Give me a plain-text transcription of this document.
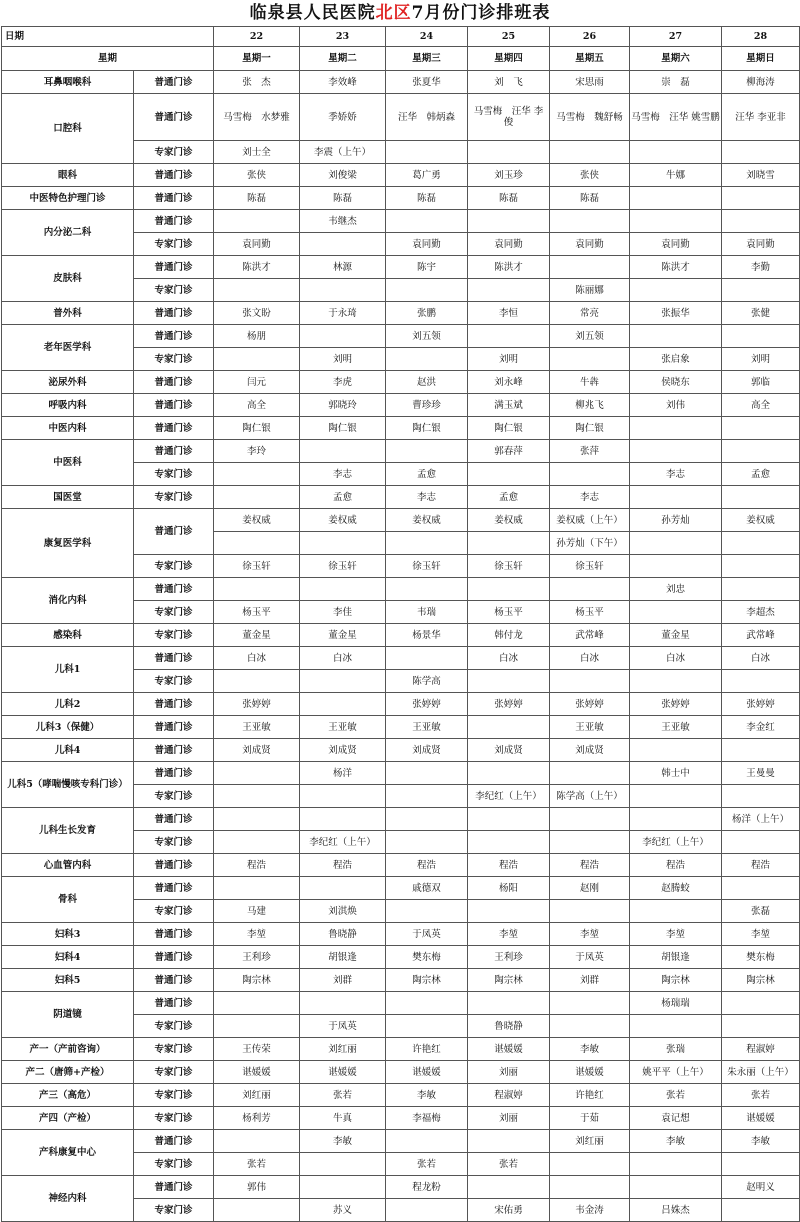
临泉县人民医院北区7月份门诊排班表
日期		22	23	24	25	26	27	28
星期		星期一	星期二	星期三	星期四	星期五	星期六	星期日
耳鼻咽喉科	普通门诊	张　杰	李效峰	张夏华	刘　飞	宋思雨	崇　磊	柳海涛
口腔科	普通门诊	马雪梅　水梦雅	季娇娇	汪华　韩炳森	马雪梅　汪华 李俊	马雪梅　魏舒畅	马雪梅　汪华 姚雪鹏	汪华 李亚非
	专家门诊	刘士全	李震（上午）					
眼科	普通门诊	张侠	刘俊梁	葛广勇	刘玉珍	张侠	牛娜	刘晓雪
中医特色护理门诊	普通门诊	陈磊	陈磊	陈磊	陈磊	陈磊		
内分泌二科	普通门诊		韦继杰					
	专家门诊	袁同勤		袁同勤	袁同勤	袁同勤	袁同勤	袁同勤
皮肤科	普通门诊	陈洪才	林源	陈宇	陈洪才		陈洪才	李勤
	专家门诊					陈丽娜		
普外科	普通门诊	张文盼	于永琦	张鹏	李恒	常亮	张振华	张健
老年医学科	普通门诊	杨朋		刘五领		刘五领		
	专家门诊		刘明		刘明		张启象	刘明
泌尿外科	普通门诊	闫元	李虎	赵洪	刘永峰	牛犇	侯晓东	郭临
呼吸内科	普通门诊	高全	郭晓玲	曹珍珍	满玉斌	柳兆飞	刘伟	高全
中医内科	普通门诊	陶仁银	陶仁银	陶仁银	陶仁银	陶仁银		
中医科	普通门诊	李玲			郭春萍	张萍		
	专家门诊		李志	孟愈			李志	孟愈
国医堂	专家门诊		孟愈	李志	孟愈	李志		
康复医学科	普通门诊	姜权威	姜权威	姜权威	姜权威	姜权威（上午）	孙芳灿	姜权威
						孙芳灿（下午）		
	专家门诊	徐玉轩	徐玉轩	徐玉轩	徐玉轩	徐玉轩		
消化内科	普通门诊						刘忠	
	专家门诊	杨玉平	李佳	韦瑞	杨玉平	杨玉平		李超杰
感染科	专家门诊	董金星	董金星	杨景华	韩付龙	武常峰	董金星	武常峰
儿科1	普通门诊	白冰	白冰		白冰	白冰	白冰	白冰
	专家门诊			陈学高				
儿科2	普通门诊	张婷婷		张婷婷	张婷婷	张婷婷	张婷婷	张婷婷
儿科3（保健）	普通门诊	王亚敏	王亚敏	王亚敏		王亚敏	王亚敏	李金红
儿科4	普通门诊	刘成贤	刘成贤	刘成贤	刘成贤	刘成贤		
儿科5（哮喘慢咳专科门诊）	普通门诊		杨洋				韩士中	王曼曼
	专家门诊				李纪红（上午）	陈学高（上午）		
儿科生长发育	普通门诊							杨洋（上午）
	专家门诊		李纪红（上午）				李纪红（上午）	
心血管内科	普通门诊	程浩	程浩	程浩	程浩	程浩	程浩	程浩
骨科	普通门诊			戚德双	杨阳	赵刚	赵腾蛟	
	专家门诊	马建	刘淇焕					张磊
妇科3	普通门诊	李堃	鲁晓静	于凤英	李堃	李堃	李堃	李堃
妇科4	普通门诊	王利珍	胡银逢	樊东梅	王利珍	于凤英	胡银逢	樊东梅
妇科5	普通门诊	陶宗林	刘群	陶宗林	陶宗林	刘群	陶宗林	陶宗林
阴道镜	普通门诊						杨瑞瑞	
	专家门诊		于凤英		鲁晓静			
产一（产前咨询）	专家门诊	王传荣	刘红丽	许艳红	谌媛媛	李敏	张瑞	程淑婷
产二（唐筛+产检）	专家门诊	谌媛媛	谌媛媛	谌媛媛	刘丽	谌媛媛	姚平平（上午）	朱永丽（上午）
产三（高危）	专家门诊	刘红丽	张若	李敏	程淑婷	许艳红	张若	张若
产四（产检）	专家门诊	杨利芳	牛真	李福梅	刘丽	于茹	袁记想	谌媛媛
产科康复中心	普通门诊		李敏			刘红丽	李敏	李敏
	专家门诊	张若		张若	张若			
神经内科	普通门诊	郭伟		程龙粉				赵明义
	专家门诊		苏义		宋佑勇	韦金涛	吕姝杰	
